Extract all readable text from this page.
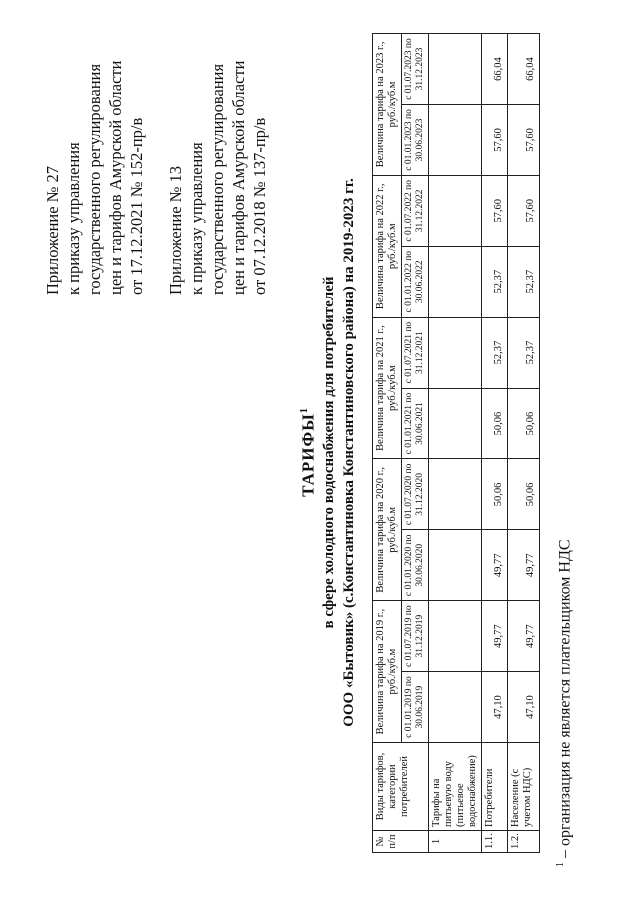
Приложение № 27 к приказу управления государственного регулирования цен и тарифов Амурской области от 17.12.2021 № 152-пр/в Приложение № 13 к приказу управления государственного регулирования цен и тарифов Амурской области от 07.12.2018 № 137-пр/в
ТАРИФЫ$^1$ в сфере холодного водоснабжения для потребителей ООО «Бытовик» (с.Константиновка Константиновского района) на 2019-2023 гг.
№ п/п	Виды тарифов, категории потребителей	Величина тарифа на 2019 г., руб./куб.м		Величина тарифа на 2020 г., руб./куб.м		Величина тарифа на 2021 г., руб./куб.м		Величина тарифа на 2022 г., руб./куб.м		Величина тарифа на 2023 г., руб./куб.м	
		с 01.01.2019 по 30.06.2019	с 01.07.2019 по 31.12.2019	с 01.01.2020 по 30.06.2020	с 01.07.2020 по 31.12.2020	с 01.01.2021 по 30.06.2021	с 01.07.2021 по 31.12.2021	с 01.01.2022 по 30.06.2022	с 01.07.2022 по 31.12.2022	с 01.01.2023 по 30.06.2023	с 01.07.2023 по 31.12.2023
1	Тарифы на питьевую воду (питьевое водоснабжение)										
1.1.	Потребители	47,10	49,77	49,77	50,06	50,06	52,37	52,37	57,60	57,60	66,04
1.2.	Население (с учетом НДС)	47,10	49,77	49,77	50,06	50,06	52,37	52,37	57,60	57,60	66,04
$^1$ – организация не является плательщиком НДС
